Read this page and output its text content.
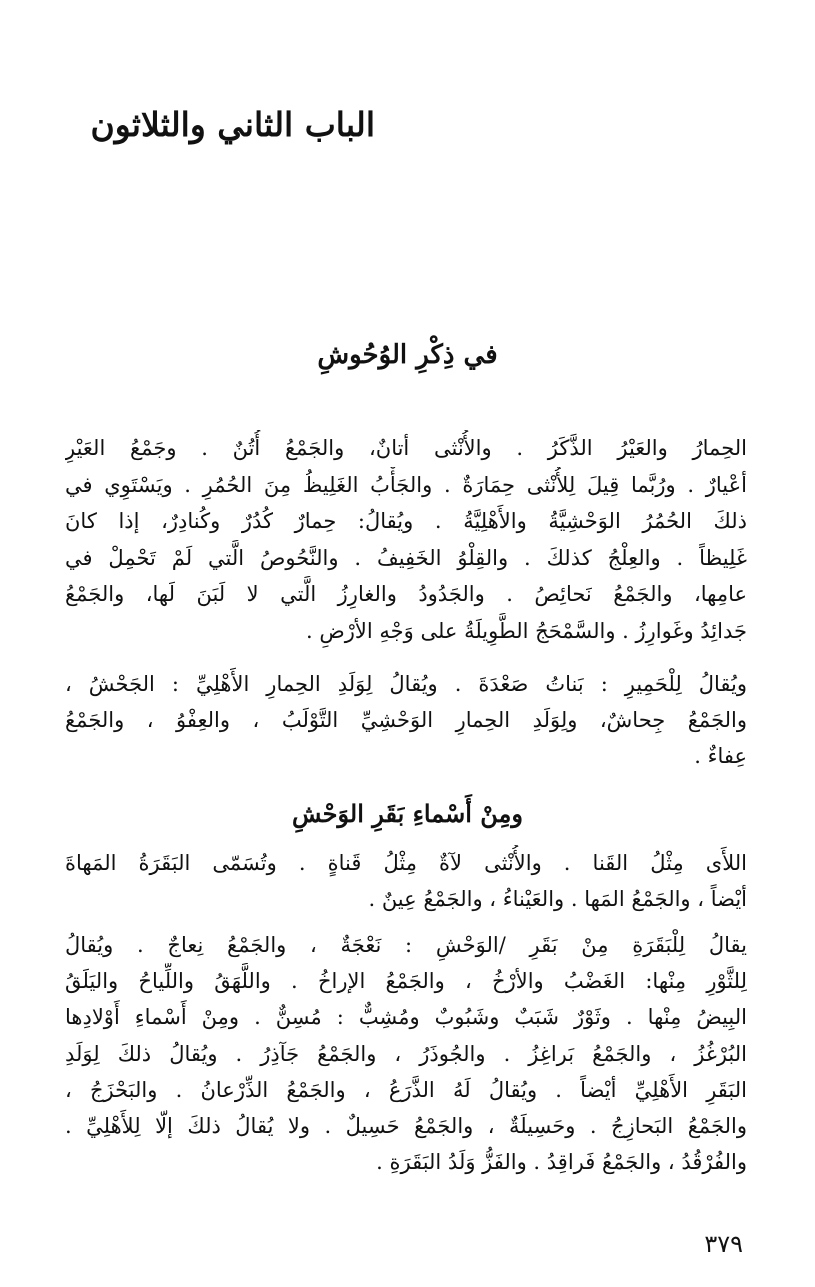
الباب الثاني والثلاثون
في ذِكْرِ الوُحُوشِ

الحِمارُ والعَيْرُ الذَّكَرُ . والأُنْثى أتانٌ، والجَمْعُ أُتُنٌ . وجَمْعُ العَيْرِ
أعْيارٌ . ورُبَّما قِيلَ لِلأُنْثى حِمَارَةٌ . والجَأْبُ الغَلِيظُ مِنَ الحُمُرِ . ويَسْتَوِي في
ذلكَ الحُمُرُ الوَحْشِيَّةُ والأَهْلِيَّةُ . ويُقالُ: حِمارٌ كُدُرٌ وكُنادِرٌ، إذا كانَ
غَلِيظاً . والعِلْجُ كذلكَ . والقِلْوُ الخَفِيفُ . والنَّحُوصُ الَّتي لَمْ تَحْمِلْ في
عامِها، والجَمْعُ نَحائِصُ . والجَدُودُ والغارِزُ الَّتي لا لَبَنَ لَها، والجَمْعُ
جَدائِدُ وغَوارِزُ . والسَّمْحَجُ الطَّوِيلَةُ على وَجْهِ الأرْضِ .

ويُقالُ لِلْحَمِيرِ : بَناتُ صَعْدَةَ . ويُقالُ لِوَلَدِ الحِمارِ الأَهْلِيِّ : الجَحْشُ ،
والجَمْعُ جِحاشٌ، ولِوَلَدِ الحِمارِ الوَحْشِيِّ التَّوْلَبُ ، والعِفْوُ ، والجَمْعُ
عِفاءٌ .

ومِنْ أَسْماءِ بَقَرِ الوَحْشِ

اللأَى مِثْلُ القَنا . والأُنْثى لآةٌ مِثْلُ قَناةٍ . وتُسَمّى البَقَرَةُ المَهاةَ
أيْضاً ، والجَمْعُ المَها . والعَيْناءُ ، والجَمْعُ عِينٌ .

يقالُ لِلْبَقَرَةِ مِنْ بَقَرِ /الوَحْشِ : نَعْجَةٌ ، والجَمْعُ نِعاجٌ . ويُقالُ
لِلثَّوْرِ مِنْها: الغَضْبُ والأرْخُ ، والجَمْعُ الإراخُ . واللَّهَقُ واللِّياحُ واليَلَقُ
البِيضُ مِنْها . وثَوْرٌ شَبَبٌ وشَبُوبٌ ومُشِبٌّ : مُسِنٌّ . ومِنْ أَسْماءِ أَوْلادِها
البُرْغُزُ ، والجَمْعُ بَراغِزُ . والجُوذَرُ ، والجَمْعُ جَآذِرُ . ويُقالُ ذلكَ لِوَلَدِ
البَقَرِ الأَهْلِيِّ أيْضاً . ويُقالُ لَهُ الذَّرَعُ ، والجَمْعُ الذِّرْعانُ . والبَحْزَجُ ،
والجَمْعُ البَحازِجُ . وحَسِيلَةٌ ، والجَمْعُ حَسِيلٌ . ولا يُقالُ ذلكَ إلّا لِلأَهْلِيِّ .
والفُرْقُدُ ، والجَمْعُ فَراقِدُ . والفَزُّ وَلَدُ البَقَرَةِ .

٣٧٩
